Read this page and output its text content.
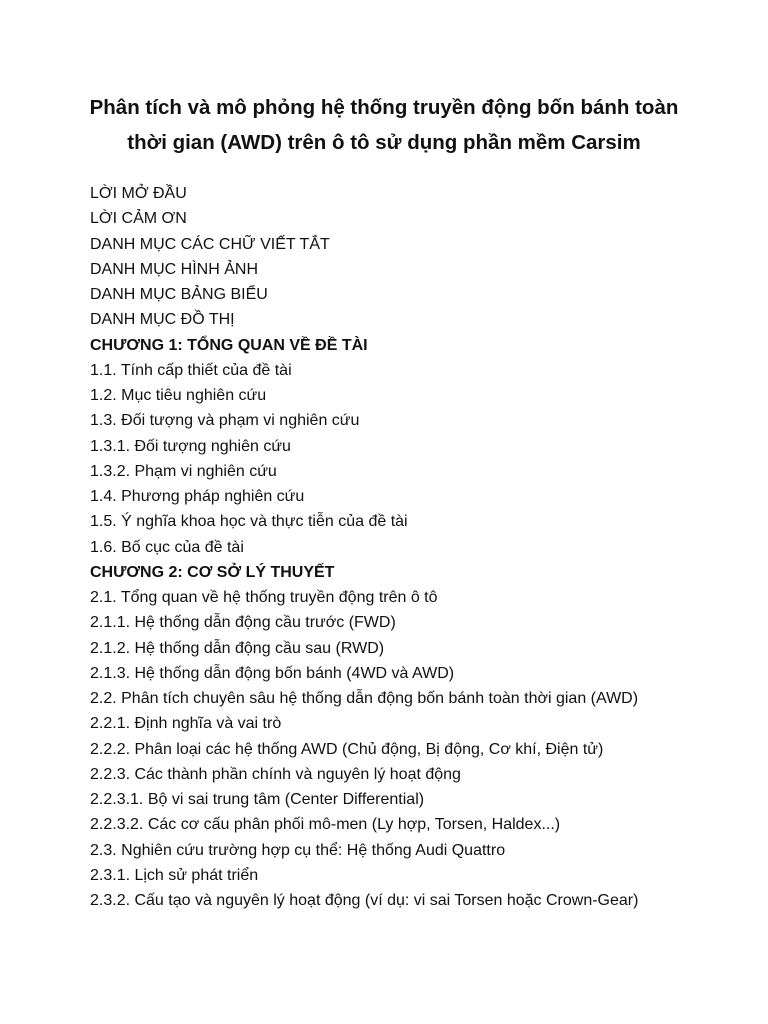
Phân tích và mô phỏng hệ thống truyền động bốn bánh toàn
thời gian (AWD) trên ô tô sử dụng phần mềm Carsim
LỜI MỞ ĐẦU
LỜI CẢM ƠN
DANH MỤC CÁC CHỮ VIẾT TẮT
DANH MỤC HÌNH ẢNH
DANH MỤC BẢNG BIỂU
DANH MỤC ĐỒ THỊ
CHƯƠNG 1: TỔNG QUAN VỀ ĐỀ TÀI
1.1. Tính cấp thiết của đề tài
1.2. Mục tiêu nghiên cứu
1.3. Đối tượng và phạm vi nghiên cứu
1.3.1. Đối tượng nghiên cứu
1.3.2. Phạm vi nghiên cứu
1.4. Phương pháp nghiên cứu
1.5. Ý nghĩa khoa học và thực tiễn của đề tài
1.6. Bố cục của đề tài
CHƯƠNG 2: CƠ SỞ LÝ THUYẾT
2.1. Tổng quan về hệ thống truyền động trên ô tô
2.1.1. Hệ thống dẫn động cầu trước (FWD)
2.1.2. Hệ thống dẫn động cầu sau (RWD)
2.1.3. Hệ thống dẫn động bốn bánh (4WD và AWD)
2.2. Phân tích chuyên sâu hệ thống dẫn động bốn bánh toàn thời gian (AWD)
2.2.1. Định nghĩa và vai trò
2.2.2. Phân loại các hệ thống AWD (Chủ động, Bị động, Cơ khí, Điện tử)
2.2.3. Các thành phần chính và nguyên lý hoạt động
2.2.3.1. Bộ vi sai trung tâm (Center Differential)
2.2.3.2. Các cơ cấu phân phối mô-men (Ly hợp, Torsen, Haldex...)
2.3. Nghiên cứu trường hợp cụ thể: Hệ thống Audi Quattro
2.3.1. Lịch sử phát triển
2.3.2. Cấu tạo và nguyên lý hoạt động (ví dụ: vi sai Torsen hoặc Crown-Gear)
